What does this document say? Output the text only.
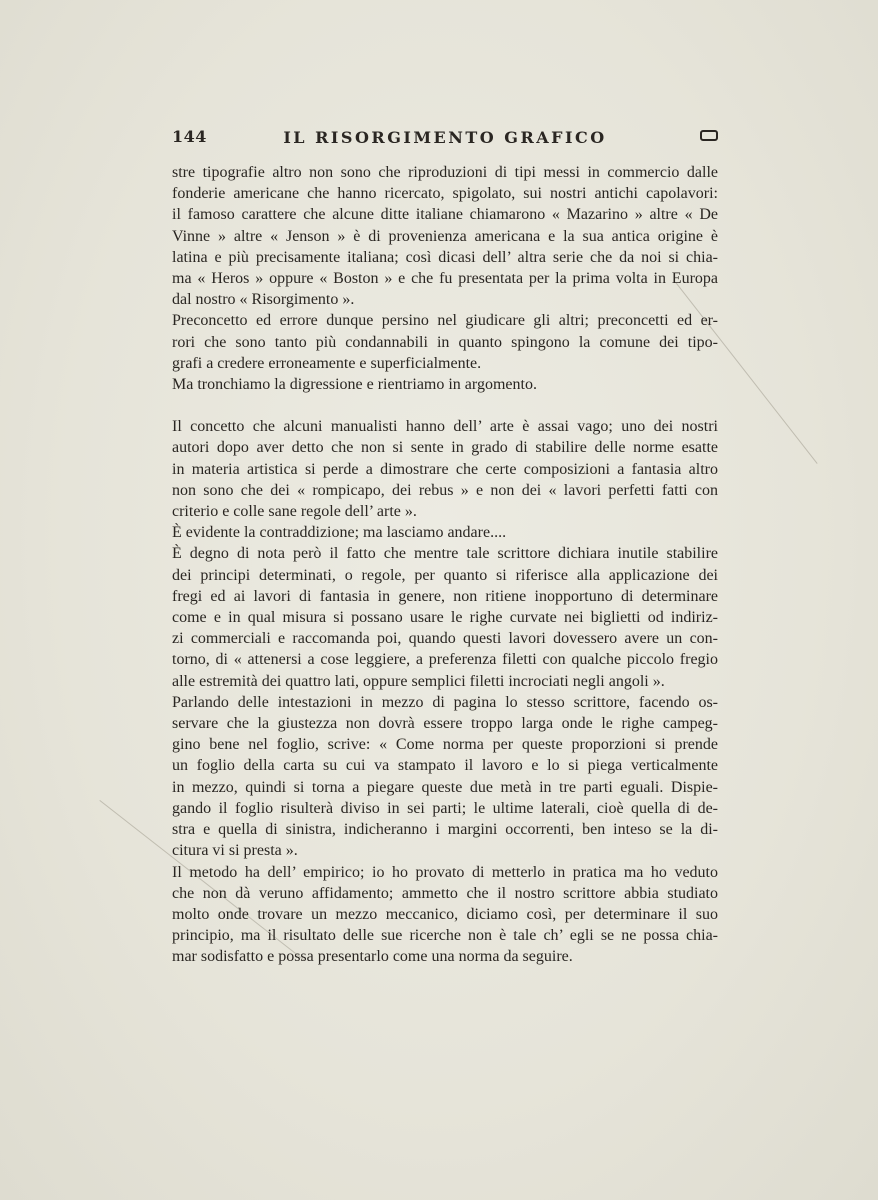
144	IL RISORGIMENTO GRAFICO
stre tipografie altro non sono che riproduzioni di tipi messi in commercio dalle
fonderie americane che hanno ricercato, spigolato, sui nostri antichi capolavori:
il famoso carattere che alcune ditte italiane chiamarono « Mazarino » altre « De
Vinne » altre « Jenson » è di provenienza americana e la sua antica origine è
latina e più precisamente italiana; così dicasi dell’ altra serie che da noi si chia-
ma « Heros » oppure « Boston » e che fu presentata per la prima volta in Europa
dal nostro « Risorgimento ».
Preconcetto ed errore dunque persino nel giudicare gli altri; preconcetti ed er-
rori che sono tanto più condannabili in quanto spingono la comune dei tipo-
grafi a credere erroneamente e superficialmente.
Ma tronchiamo la digressione e rientriamo in argomento.
Il concetto che alcuni manualisti hanno dell’ arte è assai vago; uno dei nostri
autori dopo aver detto che non si sente in grado di stabilire delle norme esatte
in materia artistica si perde a dimostrare che certe composizioni a fantasia altro
non sono che dei « rompicapo, dei rebus » e non dei « lavori perfetti fatti con
criterio e colle sane regole dell’ arte ».
È evidente la contraddizione; ma lasciamo andare....
È degno di nota però il fatto che mentre tale scrittore dichiara inutile stabilire
dei principi determinati, o regole, per quanto si riferisce alla applicazione dei
fregi ed ai lavori di fantasia in genere, non ritiene inopportuno di determinare
come e in qual misura si possano usare le righe curvate nei biglietti od indiriz-
zi commerciali e raccomanda poi, quando questi lavori dovessero avere un con-
torno, di « attenersi a cose leggiere, a preferenza filetti con qualche piccolo fregio
alle estremità dei quattro lati, oppure semplici filetti incrociati negli angoli ».
Parlando delle intestazioni in mezzo di pagina lo stesso scrittore, facendo os-
servare che la giustezza non dovrà essere troppo larga onde le righe campeg-
gino bene nel foglio, scrive: « Come norma per queste proporzioni si prende
un foglio della carta su cui va stampato il lavoro e lo si piega verticalmente
in mezzo, quindi si torna a piegare queste due metà in tre parti eguali. Dispie-
gando il foglio risulterà diviso in sei parti; le ultime laterali, cioè quella di de-
stra e quella di sinistra, indicheranno i margini occorrenti, ben inteso se la di-
citura vi si presta ».
Il metodo ha dell’ empirico; io ho provato di metterlo in pratica ma ho veduto
che non dà veruno affidamento; ammetto che il nostro scrittore abbia studiato
molto onde trovare un mezzo meccanico, diciamo così, per determinare il suo
principio, ma il risultato delle sue ricerche non è tale ch’ egli se ne possa chia-
mar sodisfatto e possa presentarlo come una norma da seguire.
